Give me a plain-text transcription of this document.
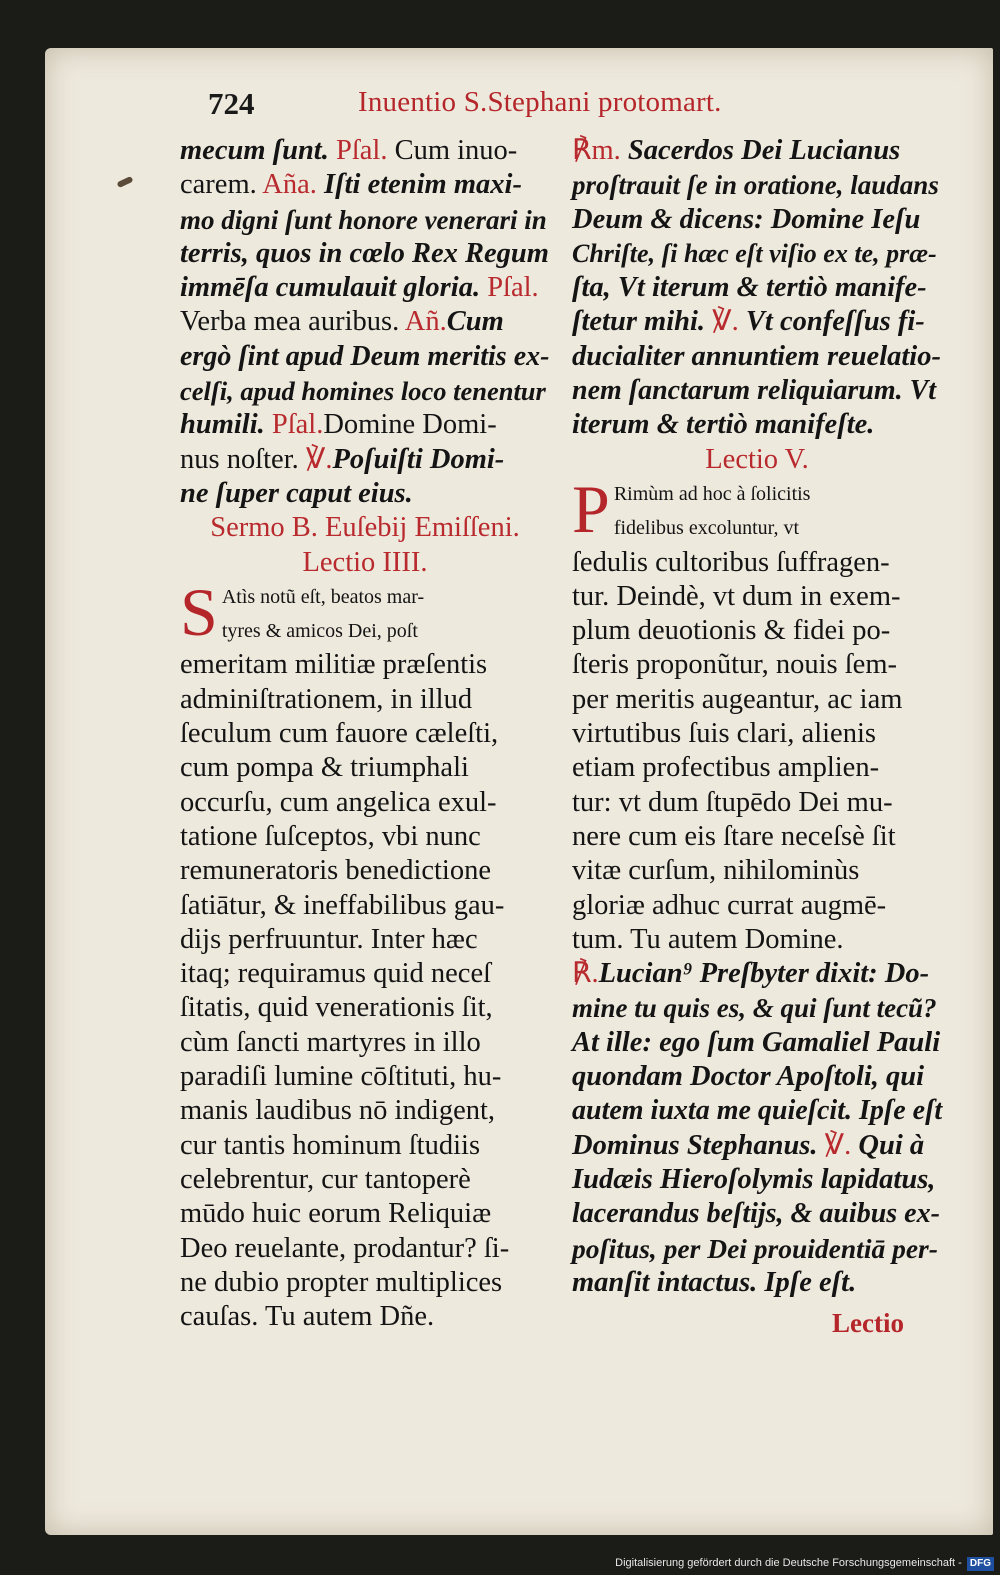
724	Inuentio S.Stephani protomart.
mecum ſunt. Pſal. Cum inuo-
carem. Aña. Iſti etenim maxi-
mo digni ſunt honore venerari in
terris, quos in cœlo Rex Regum
immēſa cumulauit gloria. Pſal.
Verba mea auribus. Añ.Cum
ergò ſint apud Deum meritis ex-
celſi, apud homines loco tenentur
humili. Pſal.Domine Domi-
nus noſter. ℣.Poſuiſti Domi-
ne ſuper caput eius.
Sermo B. Euſebij Emiſſeni.
Lectio IIII.
S Atìs notũ eſt, beatos mar-
tyres & amicos Dei, poſt
emeritam militiæ præſentis
adminiſtrationem, in illud
ſeculum cum fauore cæleſti,
cum pompa & triumphali
occurſu, cum angelica exul-
tatione ſuſceptos, vbi nunc
remuneratoris benedictione
ſatiātur, & ineffabilibus gau-
dijs perfruuntur. Inter hæc
itaq; requiramus quid neceſ
ſitatis, quid venerationis ſit,
cùm ſancti martyres in illo
paradiſi lumine cōſtituti, hu-
manis laudibus nō indigent,
cur tantis hominum ſtudiis
celebrentur, cur tantoperè
mūdo huic eorum Reliquiæ
Deo reuelante, prodantur? ſi-
ne dubio propter multiplices
cauſas. Tu autem Dñe.
℟m. Sacerdos Dei Lucianus
proſtrauit ſe in oratione, laudans
Deum & dicens: Domine Ieſu
Chriſte, ſi hæc eſt viſio ex te, præ-
ſta, Vt iterum & tertiò manife-
ſtetur mihi. ℣. Vt confeſſus fi-
ducialiter annuntiem reuelatio-
nem ſanctarum reliquiarum. Vt
iterum & tertiò manifeſte.
Lectio V.
P Rimùm ad hoc à ſolicitis
fidelibus excoluntur, vt
ſedulis cultoribus ſuffragen-
tur. Deindè, vt dum in exem-
plum deuotionis & fidei po-
ſteris proponũtur, nouis ſem-
per meritis augeantur, ac iam
virtutibus ſuis clari, alienis
etiam profectibus amplien-
tur: vt dum ſtupēdo Dei mu-
nere cum eis ſtare neceſsè ſit
vitæ curſum, nihilominùs
gloriæ adhuc currat augmē-
tum. Tu autem Domine.
℟.Lucian⁹ Preſbyter dixit: Do-
mine tu quis es, & qui ſunt tecũ?
At ille: ego ſum Gamaliel Pauli
quondam Doctor Apoſtoli, qui
autem iuxta me quieſcit. Ipſe eſt
Dominus Stephanus. ℣. Qui à
Iudæis Hieroſolymis lapidatus,
lacerandus beſtijs, & auibus ex-
poſitus, per Dei prouidentiā per-
manſit intactus. Ipſe eſt.
Lectio
Digitalisierung gefördert durch die Deutsche Forschungsgemeinschaft - DFG
